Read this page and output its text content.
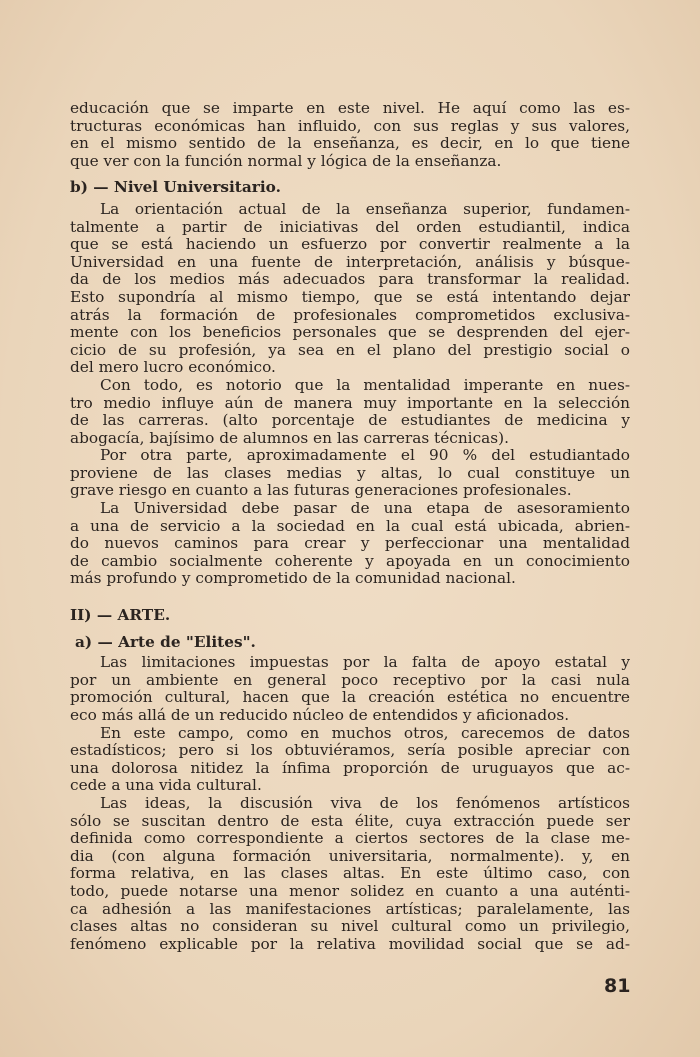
educación que se imparte en este nivel. He aquí como las es-
tructuras económicas han influido, con sus reglas y sus valores,
en el mismo sentido de la enseñanza, es decir, en lo que tiene
que ver con la función normal y lógica de la enseñanza.
b) — Nivel Universitario.
La orientación actual de la enseñanza superior, fundamen-
talmente a partir de iniciativas del orden estudiantil, indica
que se está haciendo un esfuerzo por convertir realmente a la
Universidad en una fuente de interpretación, análisis y búsque-
da de los medios más adecuados para transformar la realidad.
Esto supondría al mismo tiempo, que se está intentando dejar
atrás la formación de profesionales comprometidos exclusiva-
mente con los beneficios personales que se desprenden del ejer-
cicio de su profesión, ya sea en el plano del prestigio social o
del mero lucro económico.
Con todo, es notorio que la mentalidad imperante en nues-
tro medio influye aún de manera muy importante en la selección
de las carreras. (alto porcentaje de estudiantes de medicina y
abogacía, bajísimo de alumnos en las carreras técnicas).
Por otra parte, aproximadamente el 90 % del estudiantado
proviene de las clases medias y altas, lo cual constituye un
grave riesgo en cuanto a las futuras generaciones profesionales.
La Universidad debe pasar de una etapa de asesoramiento
a una de servicio a la sociedad en la cual está ubicada, abrien-
do nuevos caminos para crear y perfeccionar una mentalidad
de cambio socialmente coherente y apoyada en un conocimiento
más profundo y comprometido de la comunidad nacional.
II) — ARTE.
a) — Arte de "Elites".
Las limitaciones impuestas por la falta de apoyo estatal y
por un ambiente en general poco receptivo por la casi nula
promoción cultural, hacen que la creación estética no encuentre
eco más allá de un reducido núcleo de entendidos y aficionados.
En este campo, como en muchos otros, carecemos de datos
estadísticos; pero si los obtuviéramos, sería posible apreciar con
una dolorosa nitidez la ínfima proporción de uruguayos que ac-
cede a una vida cultural.
Las ideas, la discusión viva de los fenómenos artísticos
sólo se suscitan dentro de esta élite, cuya extracción puede ser
definida como correspondiente a ciertos sectores de la clase me-
dia (con alguna formación universitaria, normalmente). y, en
forma relativa, en las clases altas. En este último caso, con
todo, puede notarse una menor solidez en cuanto a una auténti-
ca adhesión a las manifestaciones artísticas; paralelamente, las
clases altas no consideran su nivel cultural como un privilegio,
fenómeno explicable por la relativa movilidad social que se ad-
81
